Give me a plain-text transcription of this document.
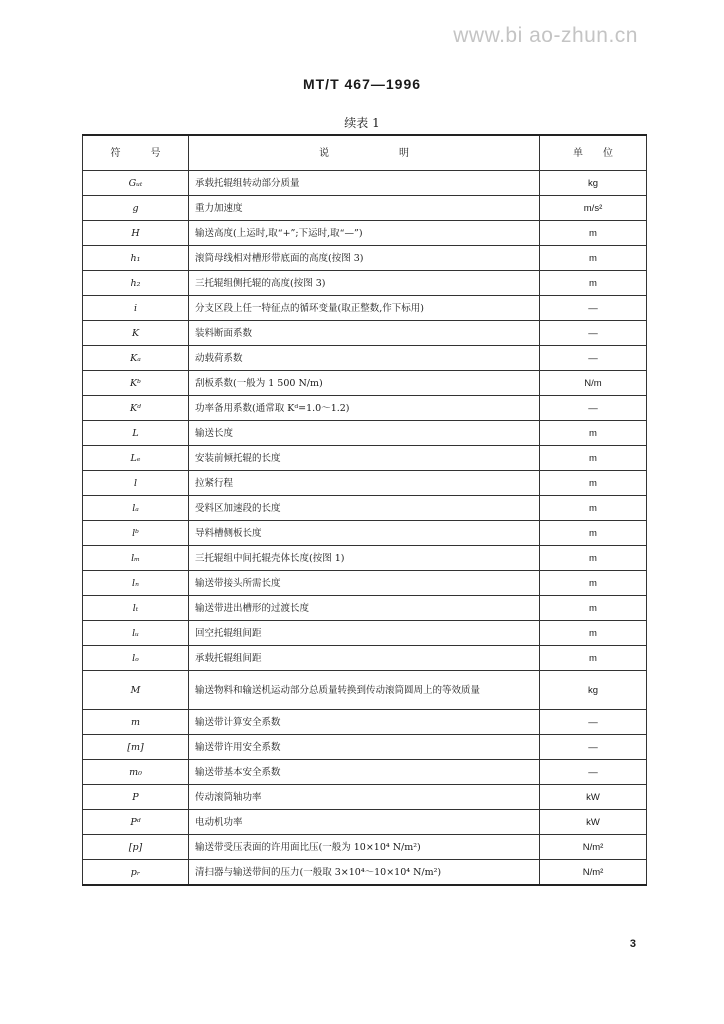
www.bi ao-zhun.cn
MT/T 467—1996
续表 1
符　　　号	说　　　　　　　明	单　　位
Gᵤₜ	承载托辊组转动部分质量	kg
g	重力加速度	m/s²
H	输送高度(上运时,取“+”;下运时,取“—”)	m
h₁	滚筒母线相对槽形带底面的高度(按图 3)	m
h₂	三托辊组侧托辊的高度(按图 3)	m
i	分支区段上任一特征点的循环变量(取正整数,作下标用)	—
K	装料断面系数	—
Kₐ	动载荷系数	—
Kᵇ	刮板系数(一般为 1 500 N/m)	N/m
Kᵈ	功率备用系数(通常取 Kᵈ=1.0～1.2)	—
L	输送长度	m
Lₑ	安装前倾托辊的长度	m
l	拉紧行程	m
lₐ	受料区加速段的长度	m
lᵇ	导料槽侧板长度	m
lₘ	三托辊组中间托辊壳体长度(按图 1)	m
lₙ	输送带接头所需长度	m
lₜ	输送带进出槽形的过渡长度	m
lᵤ	回空托辊组间距	m
lₒ	承载托辊组间距	m
M	输送物料和输送机运动部分总质量转换到传动滚筒圆周上的等效质量	kg
m	输送带计算安全系数	—
[m]	输送带许用安全系数	—
m₀	输送带基本安全系数	—
P	传动滚筒轴功率	kW
Pᵈ	电动机功率	kW
[p]	输送带受压表面的许用面比压(一般为 10×10⁴ N/m²)	N/m²
pᵣ	清扫器与输送带间的压力(一般取 3×10⁴～10×10⁴ N/m²)	N/m²
3
